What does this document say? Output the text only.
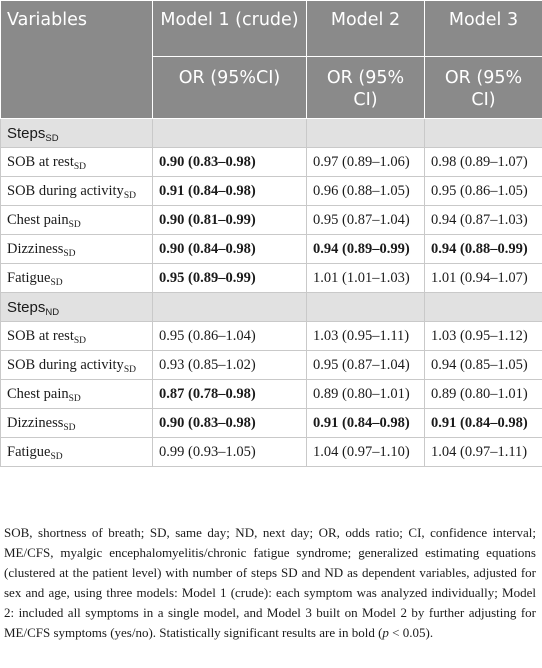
Variables	Model 1 (crude)	Model 2	Model 3
	OR (95%CI)	OR (95% CI)	OR (95% CI)
Steps$_{SD}$			
SOB at rest$_{SD}$	0.90 (0.83–0.98)	0.97 (0.89–1.06)	0.98 (0.89–1.07)
SOB during activity$_{SD}$	0.91 (0.84–0.98)	0.96 (0.88–1.05)	0.95 (0.86–1.05)
Chest pain$_{SD}$	0.90 (0.81–0.99)	0.95 (0.87–1.04)	0.94 (0.87–1.03)
Dizziness$_{SD}$	0.90 (0.84–0.98)	0.94 (0.89–0.99)	0.94 (0.88–0.99)
Fatigue$_{SD}$	0.95 (0.89–0.99)	1.01 (1.01–1.03)	1.01 (0.94–1.07)
Steps$_{ND}$			
SOB at rest$_{SD}$	0.95 (0.86–1.04)	1.03 (0.95–1.11)	1.03 (0.95–1.12)
SOB during activity$_{SD}$	0.93 (0.85–1.02)	0.95 (0.87–1.04)	0.94 (0.85–1.05)
Chest pain$_{SD}$	0.87 (0.78–0.98)	0.89 (0.80–1.01)	0.89 (0.80–1.01)
Dizziness$_{SD}$	0.90 (0.83–0.98)	0.91 (0.84–0.98)	0.91 (0.84–0.98)
Fatigue$_{SD}$	0.99 (0.93–1.05)	1.04 (0.97–1.10)	1.04 (0.97–1.11)
SOB, shortness of breath; SD, same day; ND, next day; OR, odds ratio; CI, confidence interval; ME/CFS, myalgic encephalomyelitis/chronic fatigue syndrome; generalized estimating equations (clustered at the patient level) with number of steps SD and ND as dependent variables, adjusted for sex and age, using three models: Model 1 (crude): each symptom was analyzed individually; Model 2: included all symptoms in a single model, and Model 3 built on Model 2 by further adjusting for ME/CFS symptoms (yes/no). Statistically significant results are in bold (p < 0.05).
